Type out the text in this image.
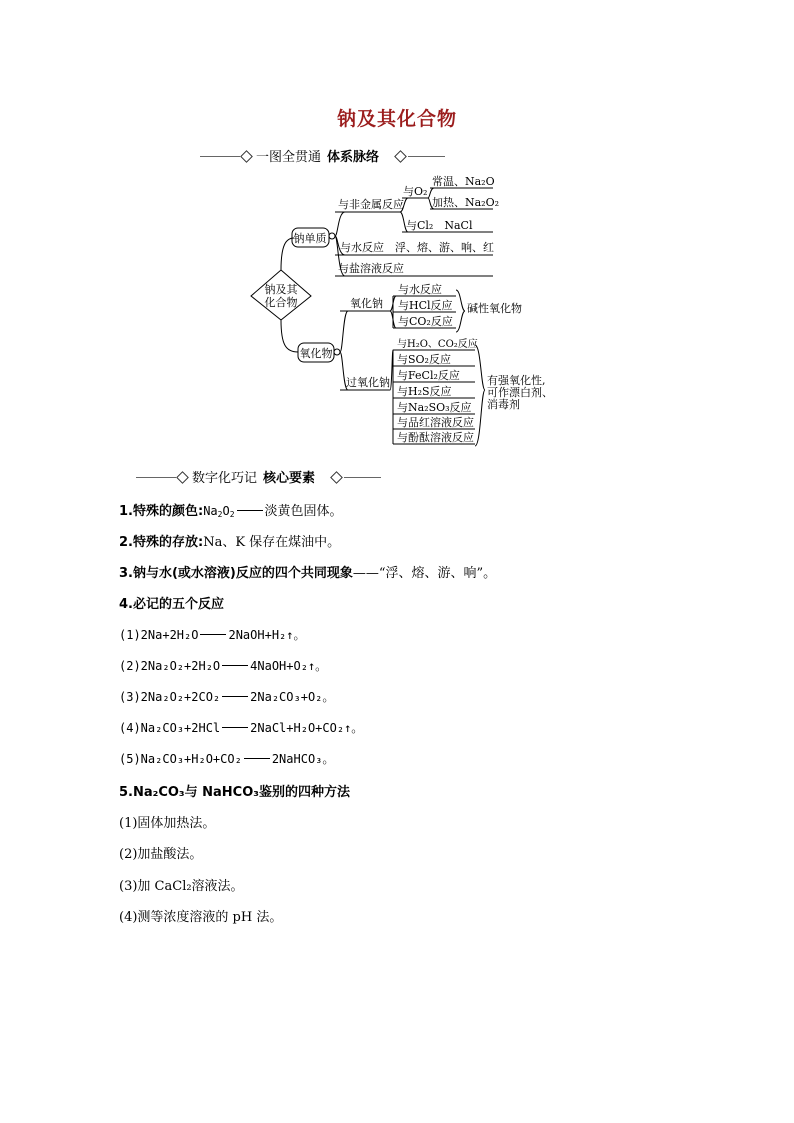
钠及其化合物
一图全贯通 体系脉络
钠及其
化合物
钠单质
氧化物
与非金属反应
与O₂
常温、Na₂O
加热、Na₂O₂
与Cl₂　NaCl
与水反应　浮、熔、游、响、红
与盐溶液反应
氧化钠
与水反应
与HCl反应
与CO₂反应
碱性氧化物
过氧化钠
与H₂O、CO₂反应
与SO₂反应
与FeCl₂反应
与H₂S反应
与Na₂SO₃反应
与品红溶液反应
与酚酞溶液反应
有强氧化性,
可作漂白剂、
消毒剂
数字化巧记 核心要素
1.特殊的颜色$:Na_2O_2$ 淡黄色固体。
2.特殊的存放:Na、K 保存在煤油中。
3.钠与水(或水溶液)反应的四个共同现象——“浮、熔、游、响”。
4.必记的五个反应
(1)2Na+2H₂O	2NaOH+H₂↑。
(2)2Na₂O₂+2H₂O	4NaOH+O₂↑。
(3)2Na₂O₂+2CO₂	2Na₂CO₃+O₂。
(4)Na₂CO₃+2HCl	2NaCl+H₂O+CO₂↑。
(5)Na₂CO₃+H₂O+CO₂	2NaHCO₃。
5.Na₂CO₃与 NaHCO₃鉴别的四种方法
(1)固体加热法。
(2)加盐酸法。
(3)加 CaCl₂溶液法。
(4)测等浓度溶液的 pH 法。
